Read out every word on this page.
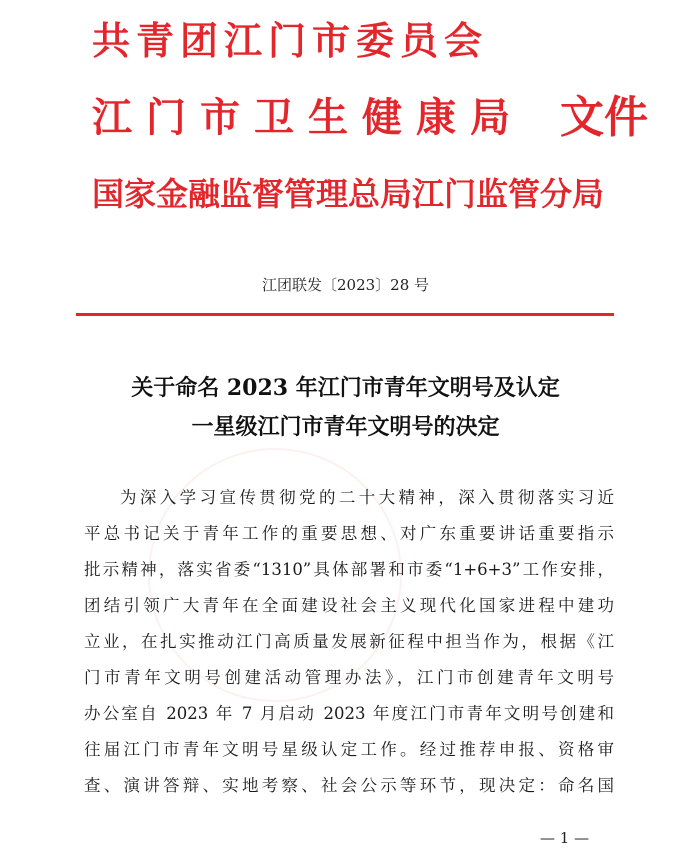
共青团江门市委员会
江门市卫生健康局 文件
国家金融监督管理总局江门监管分局
江团联发〔2023〕28 号
关于命名 2023 年江门市青年文明号及认定
一星级江门市青年文明号的决定
为深入学习宣传贯彻党的二十大精神，深入贯彻落实习近
平总书记关于青年工作的重要思想、对广东重要讲话重要指示
批示精神，落实省委“1310”具体部署和市委“1+6+3”工作安排，
团结引领广大青年在全面建设社会主义现代化国家进程中建功
立业，在扎实推动江门高质量发展新征程中担当作为，根据《江
门市青年文明号创建活动管理办法》，江门市创建青年文明号
办公室自 2023 年 7 月启动 2023 年度江门市青年文明号创建和
往届江门市青年文明号星级认定工作。经过推荐申报、资格审
查、演讲答辩、实地考察、社会公示等环节，现决定：命名国
— 1 —
